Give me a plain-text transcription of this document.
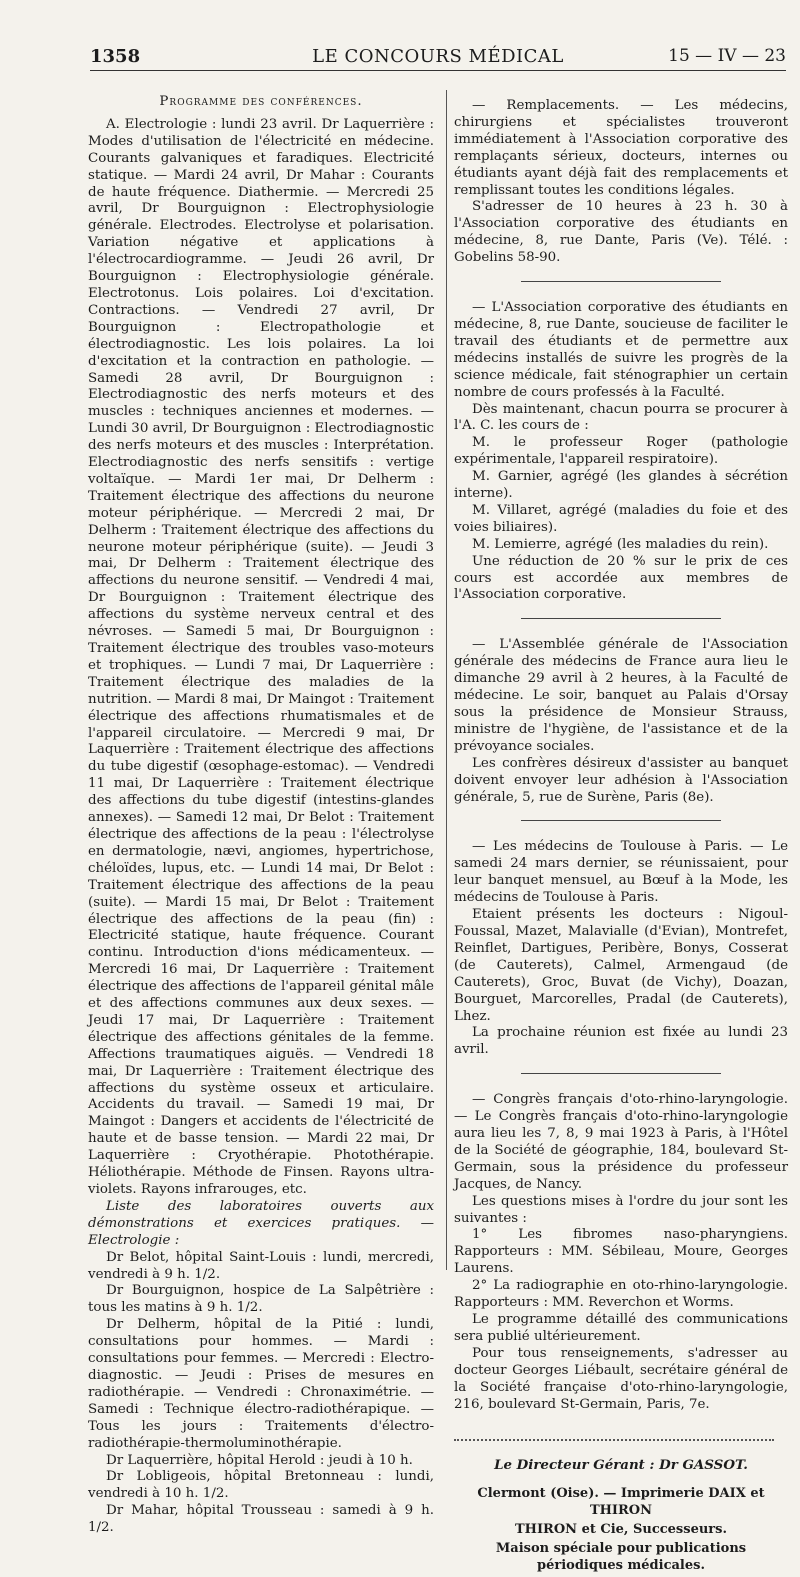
1358	LE CONCOURS MÉDICAL	15 — IV — 23

Programme des conférences.

A. Electrologie : lundi 23 avril. Dr Laquerrière : Modes d'utilisation de l'électricité en médecine. Courants galvaniques et faradiques. Electricité statique. — Mardi 24 avril, Dr Mahar : Courants de haute fréquence. Diathermie. — Mercredi 25 avril, Dr Bourguignon : Electrophysiologie générale. Electrodes. Electrolyse et polarisation. Variation négative et applications à l'électrocardiogramme. — Jeudi 26 avril, Dr Bourguignon : Electrophysiologie générale. Electrotonus. Lois polaires. Loi d'excitation. Contractions. — Vendredi 27 avril, Dr Bourguignon : Electropathologie et électrodiagnostic. Les lois polaires. La loi d'excitation et la contraction en pathologie. — Samedi 28 avril, Dr Bourguignon : Electrodiagnostic des nerfs moteurs et des muscles : techniques anciennes et modernes. — Lundi 30 avril, Dr Bourguignon : Electrodiagnostic des nerfs moteurs et des muscles : Interprétation. Electrodiagnostic des nerfs sensitifs : vertige voltaïque. — Mardi 1er mai, Dr Delherm : Traitement électrique des affections du neurone moteur périphérique. — Mercredi 2 mai, Dr Delherm : Traitement électrique des affections du neurone moteur périphérique (suite). — Jeudi 3 mai, Dr Delherm : Traitement électrique des affections du neurone sensitif. — Vendredi 4 mai, Dr Bourguignon : Traitement électrique des affections du système nerveux central et des névroses. — Samedi 5 mai, Dr Bourguignon : Traitement électrique des troubles vaso-moteurs et trophiques. — Lundi 7 mai, Dr Laquerrière : Traitement électrique des maladies de la nutrition. — Mardi 8 mai, Dr Maingot : Traitement électrique des affections rhumatismales et de l'appareil circulatoire. — Mercredi 9 mai, Dr Laquerrière : Traitement électrique des affections du tube digestif (œsophage-estomac). — Vendredi 11 mai, Dr Laquerrière : Traitement électrique des affections du tube digestif (intestins-glandes annexes). — Samedi 12 mai, Dr Belot : Traitement électrique des affections de la peau : l'électrolyse en dermatologie, nævi, angiomes, hypertrichose, chéloïdes, lupus, etc. — Lundi 14 mai, Dr Belot : Traitement électrique des affections de la peau (suite). — Mardi 15 mai, Dr Belot : Traitement électrique des affections de la peau (fin) : Electricité statique, haute fréquence. Courant continu. Introduction d'ions médicamenteux. — Mercredi 16 mai, Dr Laquerrière : Traitement électrique des affections de l'appareil génital mâle et des affections communes aux deux sexes. — Jeudi 17 mai, Dr Laquerrière : Traitement électrique des affections génitales de la femme. Affections traumatiques aiguës. — Vendredi 18 mai, Dr Laquerrière : Traitement électrique des affections du système osseux et articulaire. Accidents du travail. — Samedi 19 mai, Dr Maingot : Dangers et accidents de l'électricité de haute et de basse tension. — Mardi 22 mai, Dr Laquerrière : Cryothérapie. Photothérapie. Héliothérapie. Méthode de Finsen. Rayons ultra-violets. Rayons infrarouges, etc.

Liste des laboratoires ouverts aux démonstrations et exercices pratiques. — Electrologie :

Dr Belot, hôpital Saint-Louis : lundi, mercredi, vendredi à 9 h. 1/2.

Dr Bourguignon, hospice de La Salpêtrière : tous les matins à 9 h. 1/2.

Dr Delherm, hôpital de la Pitié : lundi, consultations pour hommes. — Mardi : consultations pour femmes. — Mercredi : Electro-diagnostic. — Jeudi : Prises de mesures en radiothérapie. — Vendredi : Chronaximétrie. — Samedi : Technique électro-radiothérapique. — Tous les jours : Traitements d'électro-radiothérapie-thermoluminothérapie.

Dr Laquerrière, hôpital Herold : jeudi à 10 h.

Dr Lobligeois, hôpital Bretonneau : lundi, vendredi à 10 h. 1/2.

Dr Mahar, hôpital Trousseau : samedi à 9 h. 1/2.

— Remplacements. — Les médecins, chirurgiens et spécialistes trouveront immédiatement à l'Association corporative des remplaçants sérieux, docteurs, internes ou étudiants ayant déjà fait des remplacements et remplissant toutes les conditions légales.

S'adresser de 10 heures à 23 h. 30 à l'Association corporative des étudiants en médecine, 8, rue Dante, Paris (Ve). Télé. : Gobelins 58-90.

— L'Association corporative des étudiants en médecine, 8, rue Dante, soucieuse de faciliter le travail des étudiants et de permettre aux médecins installés de suivre les progrès de la science médicale, fait sténographier un certain nombre de cours professés à la Faculté.

Dès maintenant, chacun pourra se procurer à l'A. C. les cours de :

M. le professeur Roger (pathologie expérimentale, l'appareil respiratoire).

M. Garnier, agrégé (les glandes à sécrétion interne).

M. Villaret, agrégé (maladies du foie et des voies biliaires).

M. Lemierre, agrégé (les maladies du rein).

Une réduction de 20 % sur le prix de ces cours est accordée aux membres de l'Association corporative.

— L'Assemblée générale de l'Association générale des médecins de France aura lieu le dimanche 29 avril à 2 heures, à la Faculté de médecine. Le soir, banquet au Palais d'Orsay sous la présidence de Monsieur Strauss, ministre de l'hygiène, de l'assistance et de la prévoyance sociales.

Les confrères désireux d'assister au banquet doivent envoyer leur adhésion à l'Association générale, 5, rue de Surène, Paris (8e).

— Les médecins de Toulouse à Paris. — Le samedi 24 mars dernier, se réunissaient, pour leur banquet mensuel, au Bœuf à la Mode, les médecins de Toulouse à Paris.

Etaient présents les docteurs : Nigoul-Foussal, Mazet, Malavialle (d'Evian), Montrefet, Reinflet, Dartigues, Peribère, Bonys, Cosserat (de Cauterets), Calmel, Armengaud (de Cauterets), Groc, Buvat (de Vichy), Doazan, Bourguet, Marcorelles, Pradal (de Cauterets), Lhez.

La prochaine réunion est fixée au lundi 23 avril.

— Congrès français d'oto-rhino-laryngologie. — Le Congrès français d'oto-rhino-laryngologie aura lieu les 7, 8, 9 mai 1923 à Paris, à l'Hôtel de la Société de géographie, 184, boulevard St-Germain, sous la présidence du professeur Jacques, de Nancy.

Les questions mises à l'ordre du jour sont les suivantes :

1° Les fibromes naso-pharyngiens. Rapporteurs : MM. Sébileau, Moure, Georges Laurens.

2° La radiographie en oto-rhino-laryngologie. Rapporteurs : MM. Reverchon et Worms.

Le programme détaillé des communications sera publié ultérieurement.

Pour tous renseignements, s'adresser au docteur Georges Liébault, secrétaire général de la Société française d'oto-rhino-laryngologie, 216, boulevard St-Germain, Paris, 7e.

Le Directeur Gérant : Dr GASSOT.
Clermont (Oise). — Imprimerie DAIX et THIRON
THIRON et Cie, Successeurs.
Maison spéciale pour publications périodiques médicales.
